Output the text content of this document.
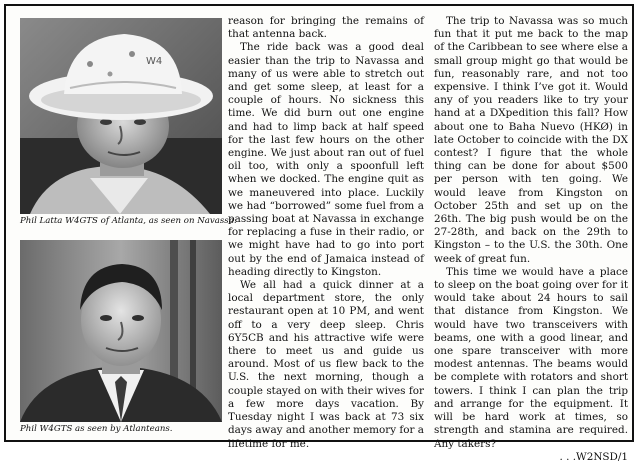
W4
Phil Latta W4GTS of Atlanta, as seen on Navassa.
Phil W4GTS as seen by Atlanteans.

reason for bringing the remains of that antenna back.

The ride back was a good deal easier than the trip to Navassa and many of us were able to stretch out and get some sleep, at least for a couple of hours. No sickness this time. We did burn out one engine and had to limp back at half speed for the last few hours on the other engine. We just about ran out of fuel oil too, with only a spoonfull left when we docked. The engine quit as we maneuvered into place. Luckily we had “borrowed” some fuel from a passing boat at Navassa in exchange for replacing a fuse in their radio, or we might have had to go into port out by the end of Jamaica instead of heading directly to Kingston.

We all had a quick dinner at a local department store, the only restaurant open at 10 PM, and went off to a very deep sleep. Chris 6Y5CB and his attractive wife were there to meet us and guide us around. Most of us flew back to the U.S. the next morning, though a couple stayed on with their wives for a few more days vacation. By Tuesday night I was back at 73 six days away and another memory for a lifetime for me.

The trip to Navassa was so much fun that it put me back to the map of the Caribbean to see where else a small group might go that would be fun, reasonably rare, and not too expensive. I think I’ve got it. Would any of you readers like to try your hand at a DXpedition this fall? How about one to Baha Nuevo (HKØ) in late October to coincide with the DX contest? I figure that the whole thing can be done for about $500 per person with ten going. We would leave from Kingston on October 25th and set up on the 26th. The big push would be on the 27-28th, and back on the 29th to Kingston – to the U.S. the 30th. One week of great fun.

This time we would have a place to sleep on the boat going over for it would take about 24 hours to sail that distance from Kingston. We would have two transceivers with beams, one with a good linear, and one spare transceiver with more modest antennas. The beams would be complete with rotators and short towers. I think I can plan the trip and arrange for the equipment. It will be hard work at times, so strength and stamina are required. Any takers?

. . .W2NSD/1
